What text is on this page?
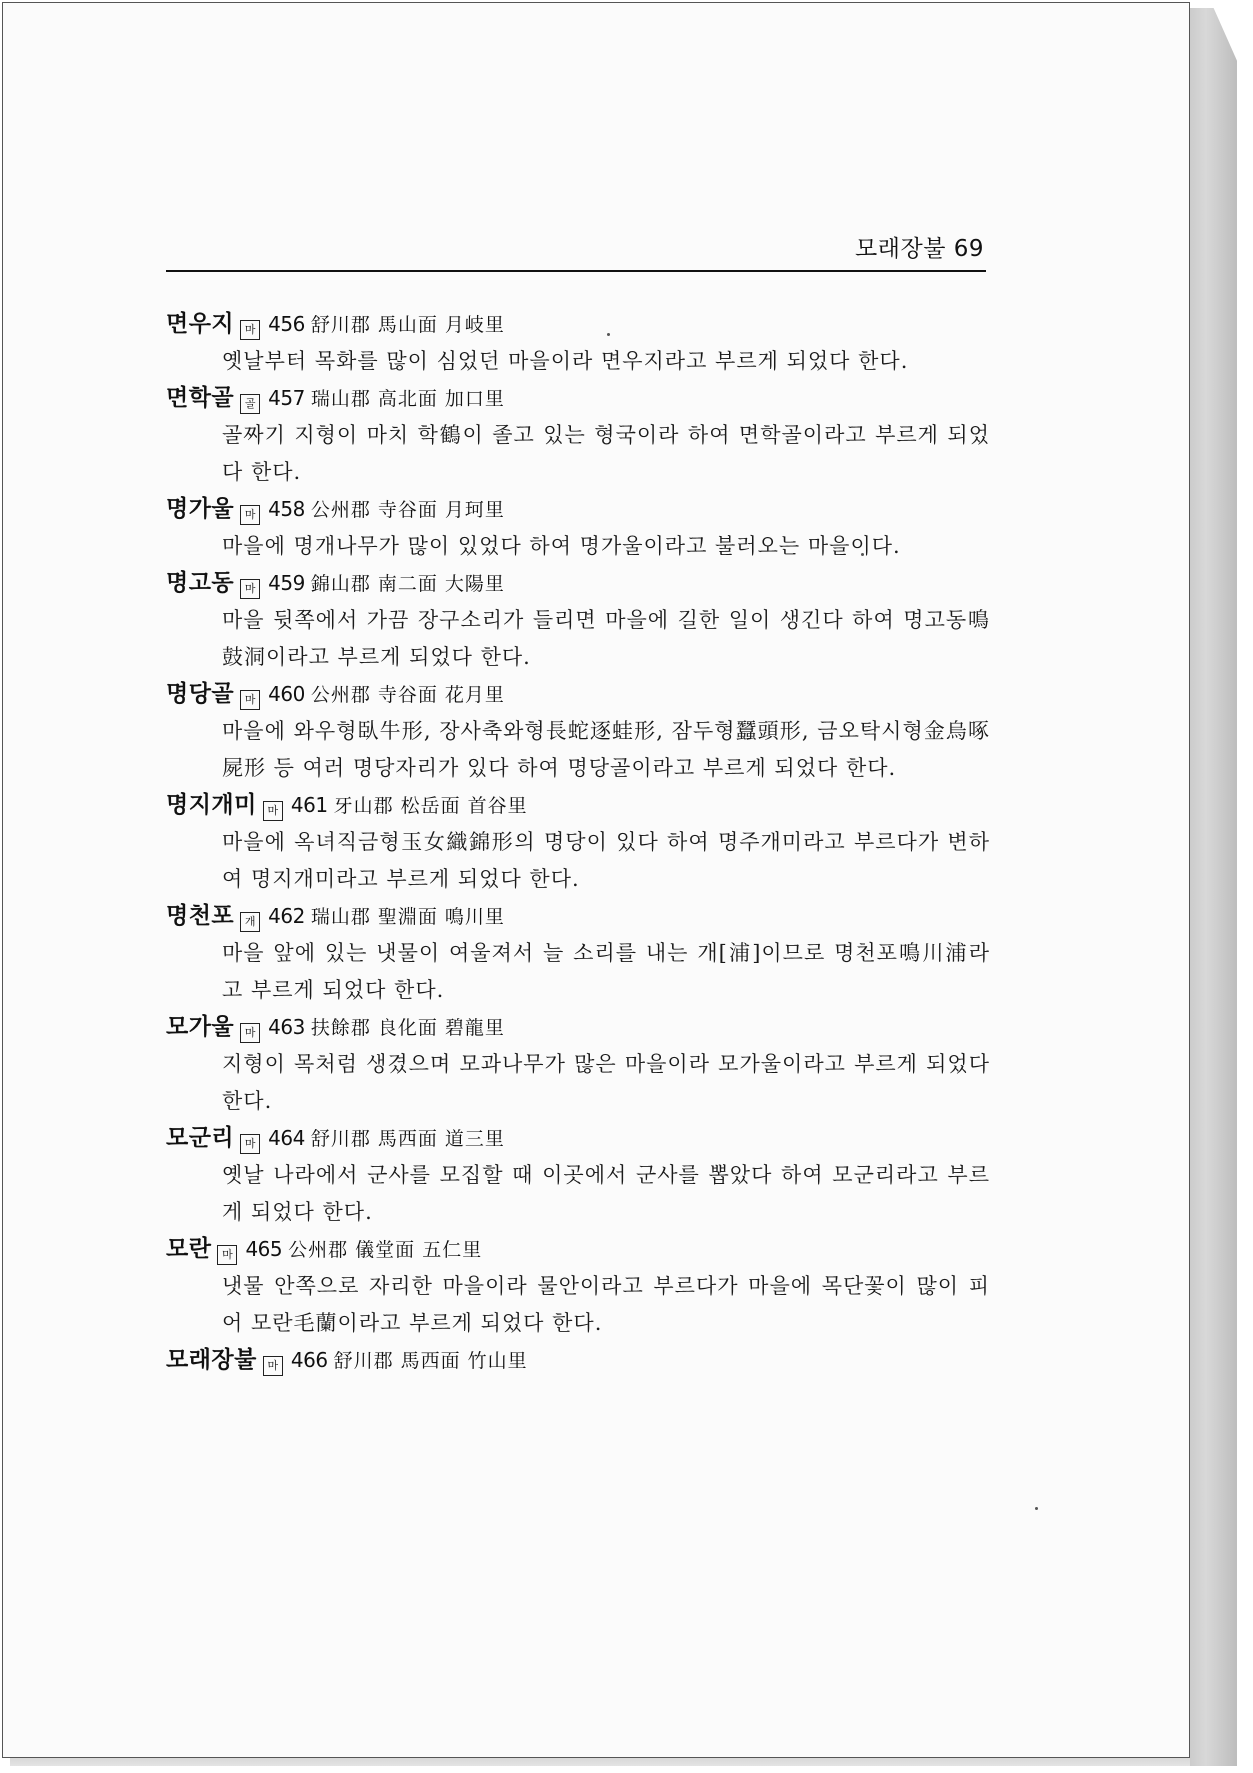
모래장불 69
면우지 마 456 舒川郡 馬山面 月岐里
옛날부터 목화를 많이 심었던 마을이라 면우지라고 부르게 되었다 한다.
면학골 골 457 瑞山郡 高北面 加口里
골짜기 지형이 마치 학鶴이 졸고 있는 형국이라 하여 면학골이라고 부르게 되었다 한다.
명가울 마 458 公州郡 寺谷面 月珂里
마을에 명개나무가 많이 있었다 하여 명가울이라고 불러오는 마을이다.
명고동 마 459 錦山郡 南二面 大陽里
마을 뒷쪽에서 가끔 장구소리가 들리면 마을에 길한 일이 생긴다 하여 명고동鳴鼓洞이라고 부르게 되었다 한다.
명당골 마 460 公州郡 寺谷面 花月里
마을에 와우형臥牛形, 장사축와형長蛇逐蛙形, 잠두형蠶頭形, 금오탁시형金烏啄屍形 등 여러 명당자리가 있다 하여 명당골이라고 부르게 되었다 한다.
명지개미 마 461 牙山郡 松岳面 首谷里
마을에 옥녀직금형玉女織錦形의 명당이 있다 하여 명주개미라고 부르다가 변하여 명지개미라고 부르게 되었다 한다.
명천포 개 462 瑞山郡 聖淵面 鳴川里
마을 앞에 있는 냇물이 여울져서 늘 소리를 내는 개[浦]이므로 명천포鳴川浦라고 부르게 되었다 한다.
모가울 마 463 扶餘郡 良化面 碧龍里
지형이 목처럼 생겼으며 모과나무가 많은 마을이라 모가울이라고 부르게 되었다 한다.
모군리 마 464 舒川郡 馬西面 道三里
옛날 나라에서 군사를 모집할 때 이곳에서 군사를 뽑았다 하여 모군리라고 부르게 되었다 한다.
모란 마 465 公州郡 儀堂面 五仁里
냇물 안쪽으로 자리한 마을이라 물안이라고 부르다가 마을에 목단꽃이 많이 피어 모란毛蘭이라고 부르게 되었다 한다.
모래장불 마 466 舒川郡 馬西面 竹山里
